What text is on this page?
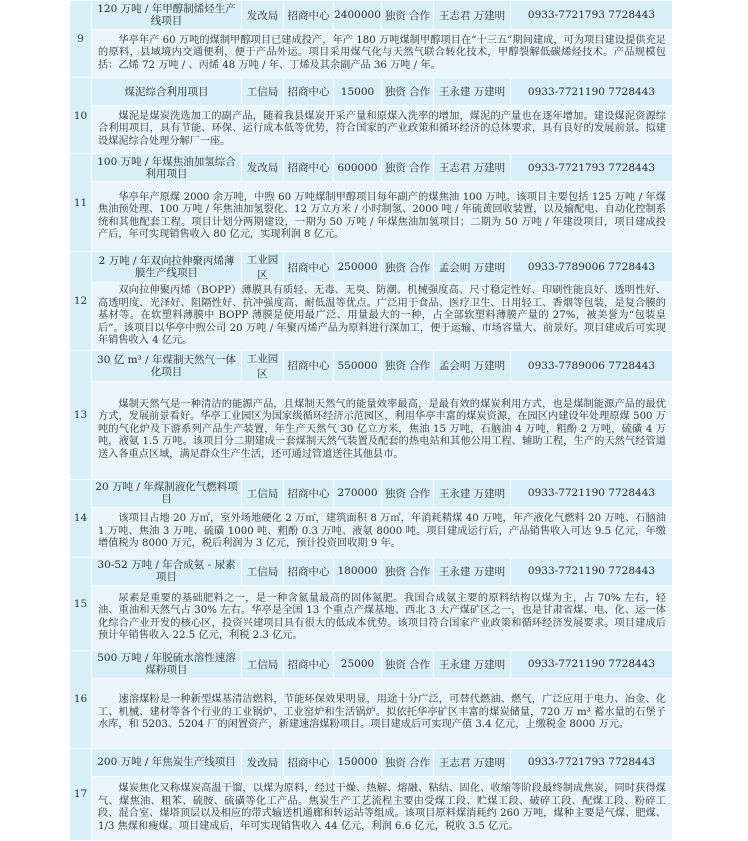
9	120 万吨 / 年甲醇制烯烃生产线项目	发改局	招商中心	2400000	独资 合作	王志君 万建明	0933-7721793 7728443
	华亭年产 60 万吨的煤制甲醇项目已建成投产，年产 180 万吨煤制甲醇项目在“十三五”期间建成，可为项目建设提供充足的原料，县域境内交通便利，便于产品外运。项目采用煤气化与天然气联合转化技术，甲醇裂解低碳烯烃技术。产品规模包括：乙烯 72 万吨 / 、丙烯 48 万吨 / 年、丁烯及其余副产品 36 万吨 / 年。						
10	煤泥综合利用项目	工信局	招商中心	15000	独资 合作	王永建 万建明	0933-7721190 7728443
	煤泥是煤炭洗选加工的副产品，随着我县煤炭开采产量和原煤入洗率的增加，煤泥的产量也在逐年增加。建设煤泥资源综合利用项目，具有节能、环保、运行成本低等优势，符合国家的产业政策和循环经济的总体要求，具有良好的发展前景。拟建设煤泥综合处理分解厂一座。						
11	100 万吨 / 年煤焦油加氢综合利用项目	发改局	招商中心	600000	独资 合作	王志君 万建明	0933-7721793 7728443
	华亭年产原煤 2000 余万吨，中煦 60 万吨煤制甲醇项目每年副产的煤焦油 100 万吨。该项目主要包括 125 万吨 / 年煤焦油预处理、100 万吨 / 年焦油加氢裂化、12 万立方米 / 小时制氢、2000 吨 / 年硫黄回收装置，以及输配电、自动化控制系统和其他配套工程。项目计划分两期建设，一期为 50 万吨 / 年煤焦油加氢项目；二期为 50 万吨 / 年建设项目，项目建成投产后，年可实现销售收入 80 亿元，实现利润 8 亿元。						
12	2 万吨 / 年双向拉伸聚丙烯薄膜生产线项目	工业园区	招商中心	250000	独资 合作	孟会明 万建明	0933-7789006 7728443
	双向拉伸聚丙烯（BOPP）薄膜具有质轻、无毒、无臭、防潮、机械强度高、尺寸稳定性好、印刷性能良好、透明性好、高透明度、光泽好、阻隔性好、抗冲强度高、耐低温等优点。广泛用于食品、医疗卫生、日用轻工、香烟等包装，是复合膜的基材等。在软塑料薄膜中 BOPP 薄膜是使用最广泛、用量最大的一种，占全部软塑料薄膜产量的 27%，被美誉为“包装皇后”。该项目以华亭中煦公司 20 万吨 / 年聚丙烯产品为原料进行深加工，便于运输、市场容量大、前景好。项目建成后可实现年销售收入 4 亿元。						
13	30 亿 m³ / 年煤制天然气一体化项目	工业园区	招商中心	550000	独资 合作	孟会明 万建明	0933-7789006 7728443
	煤制天然气是一种清洁的能源产品，且煤制天然气的能量效率最高，是最有效的煤炭利用方式，也是煤制能源产品的最优方式，发展前景看好。华亭工业园区为国家级循环经济示范园区，利用华亭丰富的煤炭资源，在园区内建设年处理原煤 500 万吨的气化炉及下游系列产品生产装置，年生产天然气 30 亿立方米，焦油 15 万吨，石脑油 4 万吨，粗酚 2 万吨，硫磺 4 万吨，液氨 1.5 万吨。该项目分二期建成一套煤制天然气装置及配套的热电站和其他公用工程、辅助工程，生产的天然气经管道送入各重点区域，满足群众生产生活，还可通过管道送往其他县市。						
14	20 万吨 / 年煤制液化气燃料项目	工信局	招商中心	270000	独资 合作	王永建 万建明	0933-7721190 7728443
	该项目占地 20 万㎡，室外场地硬化 2 万㎡，建筑面积 8 万㎡，年消耗精煤 40 万吨，年产液化气燃料 20 万吨、石脑油 1 万吨、焦油 3 万吨、硫磺 1000 吨、粗酚 0.3 万吨、液氨 8000 吨。项目建成运行后，产品销售收入可达 9.5 亿元，年缴增值税为 8000 万元，税后利润为 3 亿元，预计投资回收期 9 年。						
15	30-52 万吨 / 年合成氨 - 尿素项目	工信局	招商中心	180000	独资 合作	王永建 万建明	0933-7721190 7728443
	尿素是重要的基础肥料之一，是一种含氮量最高的固体氮肥。我国合成氨主要的原料结构以煤为主，占 70% 左右，轻油、重油和天然气占 30% 左右。华亭是全国 13 个重点产煤基地、西北 3 大产煤矿区之一，也是甘肃省煤、电、化、运一体化综合产业开发的核心区，投资兴建项目具有很大的低成本优势。该项目符合国家产业政策和循环经济发展要求。项目建成后预计年销售收入 22.5 亿元，利税 2.3 亿元。						
16	500 万吨 / 年脱硫水溶性速溶煤粉项目	工信局	招商中心	25000	独资 合作	王永建 万建明	0933-7721190 7728443
	速溶煤粉是一种新型煤基清洁燃料，节能环保效果明显，用途十分广泛，可替代燃油、燃气，广泛应用于电力、冶金、化工、机械、建材等各个行业的工业锅炉、工业窑炉和生活锅炉。拟依托华亭矿区丰富的煤炭储量，720 万 m³ 蓄水量的石堡子水库，和 5203、5204 厂的闲置资产，新建速溶煤粉项目。项目建成后可实现产值 3.4 亿元，上缴税金 8000 万元。						
17	200 万吨 / 年焦炭生产线项目	发改局	招商中心	150000	独资 合作	王志君 万建明	0933-7721793 7728443
	煤炭焦化又称煤炭高温干馏，以煤为原料，经过干燥、热解、熔融、粘结、固化、收缩等阶段最终制成焦炭，同时获得煤气、煤焦油、粗苯、硫胺、硫磺等化工产品。焦炭生产工艺流程主要由受煤工段、贮煤工段、破碎工段、配煤工段、粉碎工段、混合室、煤塔顶层以及相应的带式输送机通廊和转运站等组成。该项目原料煤消耗约 260 万吨，煤种主要是气煤、肥煤、1/3 焦煤和瘦煤。项目建成后，年可实现销售收入 44 亿元，利润 6.6 亿元，税收 3.5 亿元。						
